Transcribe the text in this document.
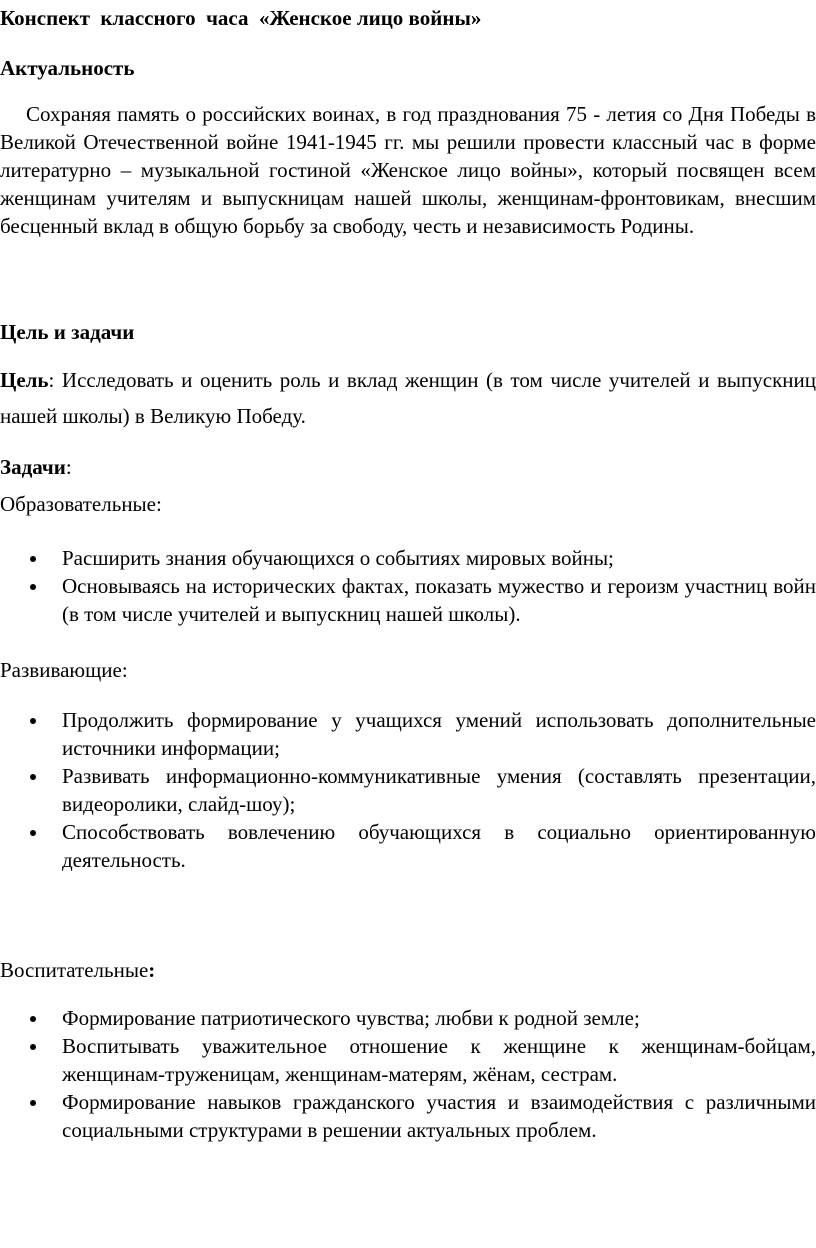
Конспект  классного  часа  «Женское лицо войны»
Актуальность
Сохраняя память о российских воинах, в год празднования 75 - летия со Дня Победы в Великой Отечественной войне 1941-1945 гг. мы решили провести классный час в форме литературно – музыкальной гостиной «Женское лицо войны», который посвящен всем женщинам учителям и выпускницам нашей школы, женщинам-фронтовикам, внесшим бесценный вклад в общую борьбу за свободу, честь и независимость Родины.
Цель и задачи
Цель: Исследовать и оценить роль и вклад женщин (в том числе учителей и выпускниц нашей школы) в Великую Победу.
Задачи:
Образовательные:
Расширить знания обучающихся о событиях мировых войны;
Основываясь на исторических фактах, показать мужество и героизм участниц войн (в том числе учителей и выпускниц нашей школы).
Развивающие:
Продолжить формирование у учащихся умений использовать дополнительные источники информации;
Развивать информационно-коммуникативные умения (составлять презентации, видеоролики, слайд-шоу);
Способствовать вовлечению обучающихся в социально ориентированную деятельность.
Воспитательные:
Формирование патриотического чувства; любви к родной земле;
Воспитывать уважительное отношение к женщине к женщинам-бойцам, женщинам-труженицам, женщинам-матерям, жёнам, сестрам.
Формирование навыков гражданского участия и взаимодействия с различными социальными структурами в решении актуальных проблем.
